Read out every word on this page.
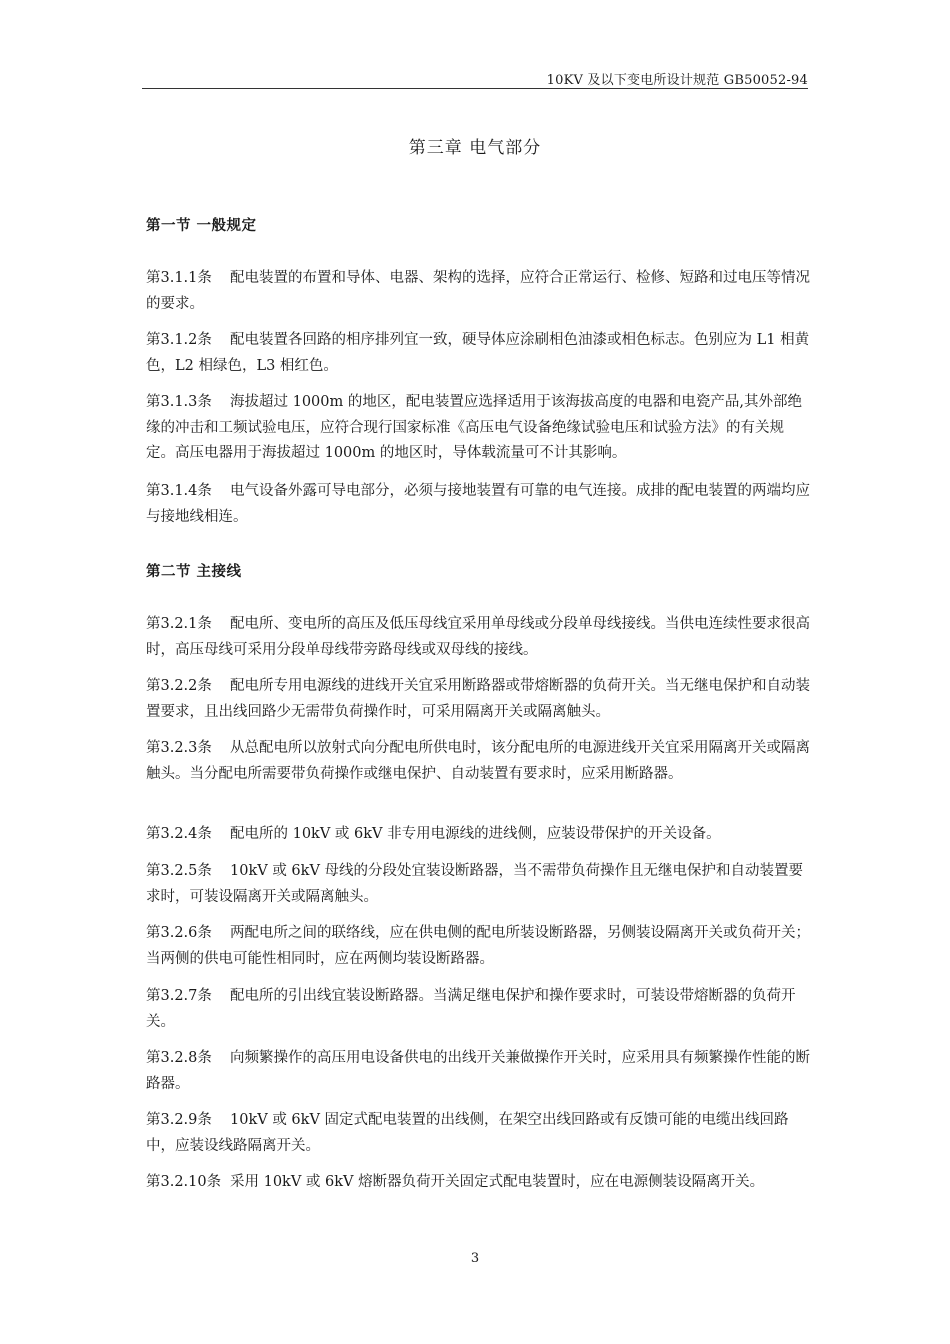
10KV 及以下变电所设计规范 GB50052-94
第三章 电气部分
第一节 一般规定
第3.1.1条 配电装置的布置和导体、电器、架构的选择，应符合正常运行、检修、短路和过电压等情况的要求。
第3.1.2条 配电装置各回路的相序排列宜一致，硬导体应涂刷相色油漆或相色标志。色别应为 L1 相黄色，L2 相绿色，L3 相红色。
第3.1.3条 海拔超过 1000m 的地区，配电装置应选择适用于该海拔高度的电器和电瓷产品,其外部绝缘的冲击和工频试验电压，应符合现行国家标准《高压电气设备绝缘试验电压和试验方法》的有关规定。高压电器用于海拔超过 1000m 的地区时，导体载流量可不计其影响。
第3.1.4条 电气设备外露可导电部分，必须与接地装置有可靠的电气连接。成排的配电装置的两端均应与接地线相连。
第二节 主接线
第3.2.1条 配电所、变电所的高压及低压母线宜采用单母线或分段单母线接线。当供电连续性要求很高时，高压母线可采用分段单母线带旁路母线或双母线的接线。
第3.2.2条 配电所专用电源线的进线开关宜采用断路器或带熔断器的负荷开关。当无继电保护和自动装置要求，且出线回路少无需带负荷操作时，可采用隔离开关或隔离触头。
第3.2.3条 从总配电所以放射式向分配电所供电时，该分配电所的电源进线开关宜采用隔离开关或隔离触头。当分配电所需要带负荷操作或继电保护、自动装置有要求时，应采用断路器。
第3.2.4条 配电所的 10kV 或 6kV 非专用电源线的进线侧，应装设带保护的开关设备。
第3.2.5条 10kV 或 6kV 母线的分段处宜装设断路器，当不需带负荷操作且无继电保护和自动装置要求时，可装设隔离开关或隔离触头。
第3.2.6条 两配电所之间的联络线，应在供电侧的配电所装设断路器，另侧装设隔离开关或负荷开关；当两侧的供电可能性相同时，应在两侧均装设断路器。
第3.2.7条 配电所的引出线宜装设断路器。当满足继电保护和操作要求时，可装设带熔断器的负荷开关。
第3.2.8条 向频繁操作的高压用电设备供电的出线开关兼做操作开关时，应采用具有频繁操作性能的断路器。
第3.2.9条 10kV 或 6kV 固定式配电装置的出线侧，在架空出线回路或有反馈可能的电缆出线回路中，应装设线路隔离开关。
第3.2.10条 采用 10kV 或 6kV 熔断器负荷开关固定式配电装置时，应在电源侧装设隔离开关。
3
